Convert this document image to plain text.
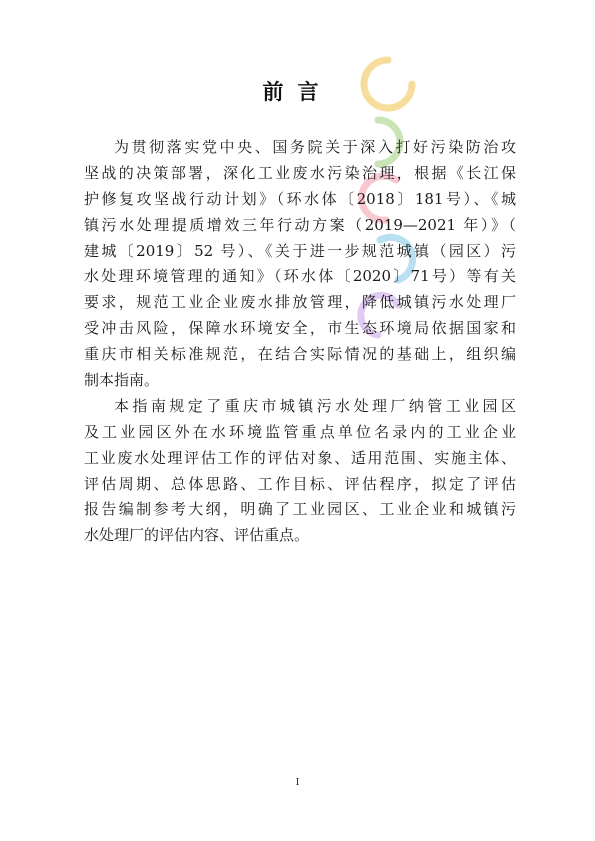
前言
为贯彻落实党中央、国务院关于深入打好污染防治攻
坚战的决策部署，深化工业废水污染治理，根据《长江保
护修复攻坚战行动计划》（环水体〔2018〕181号）、《城
镇污水处理提质增效三年行动方案（2019—2021 年）》（
建城〔2019〕52 号）、《关于进一步规范城镇（园区）污
水处理环境管理的通知》（环水体〔2020〕71号）等有关
要求，规范工业企业废水排放管理，降低城镇污水处理厂
受冲击风险，保障水环境安全，市生态环境局依据国家和
重庆市相关标准规范，在结合实际情况的基础上，组织编
制本指南。
本指南规定了重庆市城镇污水处理厂纳管工业园区
及工业园区外在水环境监管重点单位名录内的工业企业
工业废水处理评估工作的评估对象、适用范围、实施主体、
评估周期、总体思路、工作目标、评估程序，拟定了评估
报告编制参考大纲，明确了工业园区、工业企业和城镇污
水处理厂的评估内容、评估重点。
I
